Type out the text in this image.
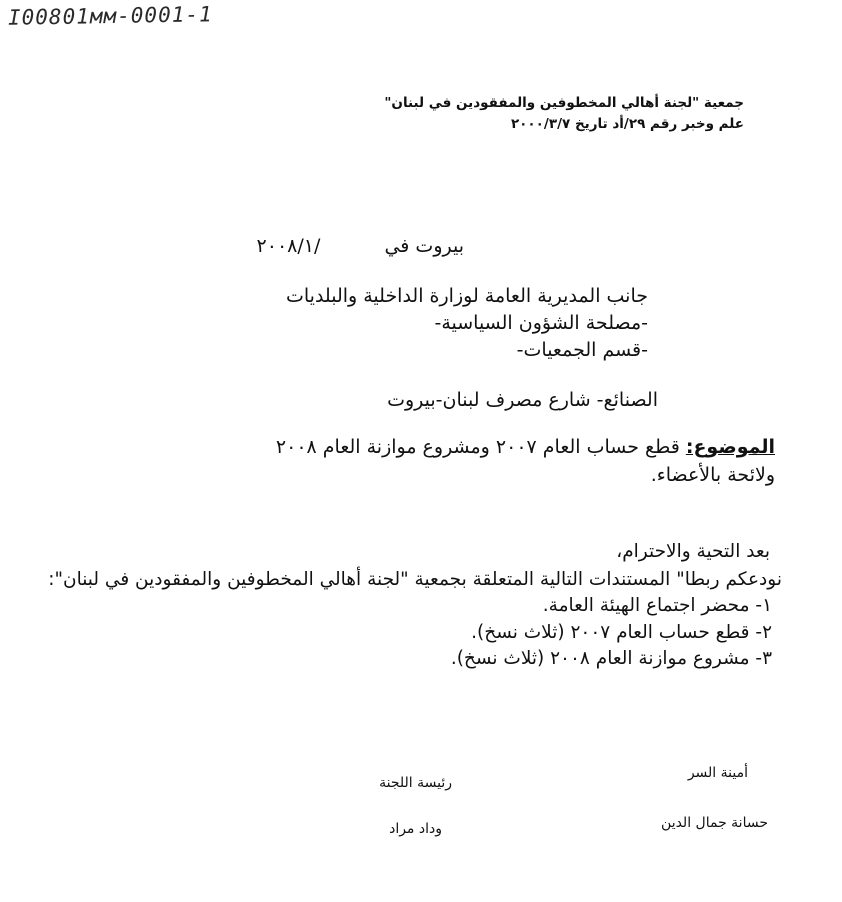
I00801мм-0001-1
جمعية "لجنة أهالي المخطوفين والمفقودين في لبنان"
علم وخبر رقم ٢٩/أد تاريخ ٢٠٠٠/٣/٧
بيروت في  /٢٠٠٨/١
جانب المديرية العامة لوزارة الداخلية والبلديات
-مصلحة الشؤون السياسية-
-قسم الجمعيات-
الصنائع- شارع مصرف لبنان-بيروت
الموضوع: قطع حساب العام ٢٠٠٧ ومشروع موازنة العام ٢٠٠٨
ولائحة بالأعضاء.
بعد التحية والاحترام،
نودعكم ربطا" المستندات التالية المتعلقة بجمعية "لجنة أهالي المخطوفين والمفقودين في لبنان":
١- محضر اجتماع الهيئة العامة.
٢- قطع حساب العام ٢٠٠٧ (ثلاث نسخ).
٣- مشروع موازنة العام ٢٠٠٨ (ثلاث نسخ).
أمينة السر
حسانة جمال الدين
رئيسة اللجنة
وداد مراد
